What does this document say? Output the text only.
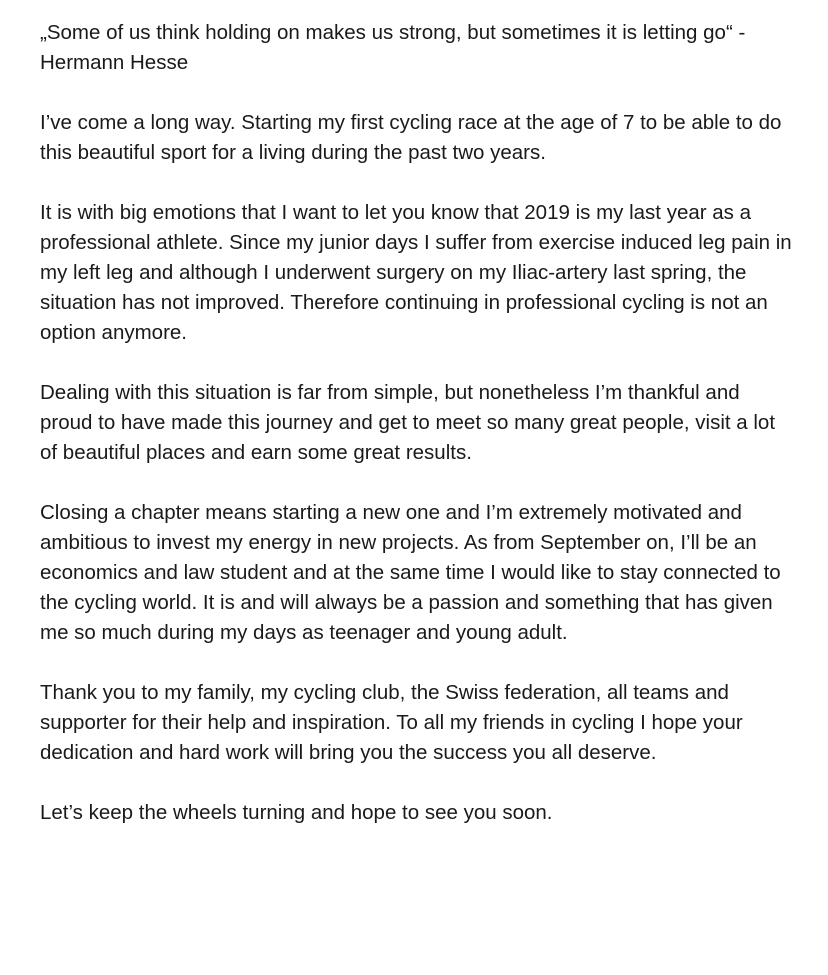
„Some of us think holding on makes us strong, but sometimes it is letting go“ - Hermann Hesse

I’ve come a long way. Starting my first cycling race at the age of 7 to be able to do this beautiful sport for a living during the past two years.

It is with big emotions that I want to let you know that 2019 is my last year as a professional athlete. Since my junior days I suffer from exercise induced leg pain in my left leg and although I underwent surgery on my Iliac-artery last spring, the situation has not improved. Therefore continuing in professional cycling is not an option anymore.

Dealing with this situation is far from simple, but nonetheless I’m thankful and proud to have made this journey and get to meet so many great people, visit a lot of beautiful places and earn some great results.

Closing a chapter means starting a new one and I’m extremely motivated and ambitious to invest my energy in new projects. As from September on, I’ll be an economics and law student and at the same time I would like to stay connected to the cycling world. It is and will always be a passion and something that has given me so much during my days as teenager and young adult.

Thank you to my family, my cycling club, the Swiss federation, all teams and supporter for their help and inspiration. To all my friends in cycling I hope your dedication and hard work will bring you the success you all deserve.

Let’s keep the wheels turning and hope to see you soon.
